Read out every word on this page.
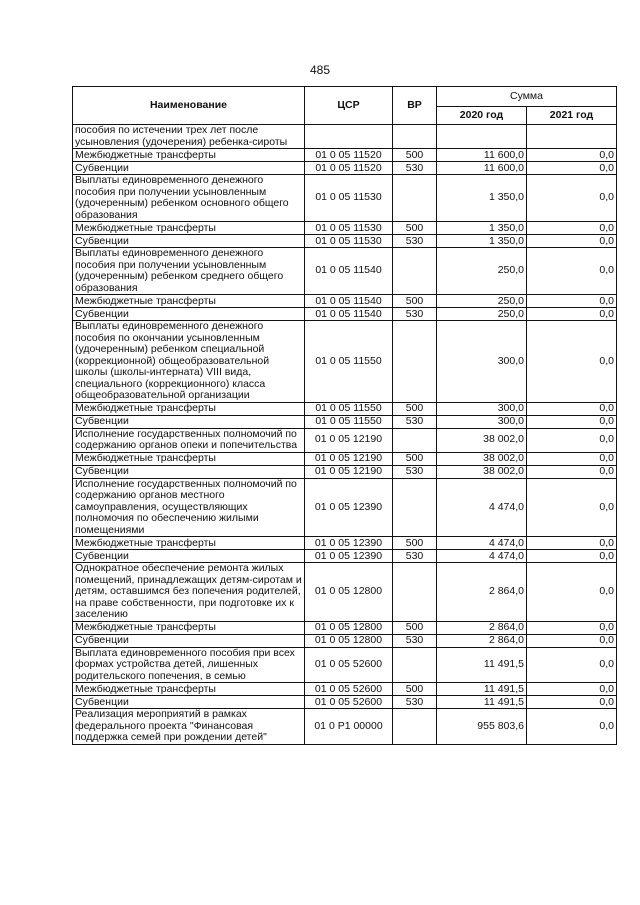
485
Наименование	ЦСР	ВР	Сумма	
			2020 год	2021 год
пособия по истечении трех лет после усыновления (удочерения) ребенка-сироты				
Межбюджетные трансферты	01 0 05 11520	500	11 600,0	0,0
Субвенции	01 0 05 11520	530	11 600,0	0,0
Выплаты единовременного денежного пособия при получении усыновленным (удочеренным) ребенком основного общего образования	01 0 05 11530		1 350,0	0,0
Межбюджетные трансферты	01 0 05 11530	500	1 350,0	0,0
Субвенции	01 0 05 11530	530	1 350,0	0,0
Выплаты единовременного денежного пособия при получении усыновленным (удочеренным) ребенком среднего общего образования	01 0 05 11540		250,0	0,0
Межбюджетные трансферты	01 0 05 11540	500	250,0	0,0
Субвенции	01 0 05 11540	530	250,0	0,0
Выплаты единовременного денежного пособия по окончании усыновленным (удочеренным) ребенком специальной (коррекционной) общеобразовательной школы (школы-интерната) VIII вида, специального (коррекционного) класса общеобразовательной организации	01 0 05 11550		300,0	0,0
Межбюджетные трансферты	01 0 05 11550	500	300,0	0,0
Субвенции	01 0 05 11550	530	300,0	0,0
Исполнение государственных полномочий по содержанию органов опеки и попечительства	01 0 05 12190		38 002,0	0,0
Межбюджетные трансферты	01 0 05 12190	500	38 002,0	0,0
Субвенции	01 0 05 12190	530	38 002,0	0,0
Исполнение государственных полномочий по содержанию органов местного самоуправления, осуществляющих полномочия по обеспечению жилыми помещениями	01 0 05 12390		4 474,0	0,0
Межбюджетные трансферты	01 0 05 12390	500	4 474,0	0,0
Субвенции	01 0 05 12390	530	4 474,0	0,0
Однократное обеспечение ремонта жилых помещений, принадлежащих детям-сиротам и детям, оставшимся без попечения родителей, на праве собственности, при подготовке их к заселению	01 0 05 12800		2 864,0	0,0
Межбюджетные трансферты	01 0 05 12800	500	2 864,0	0,0
Субвенции	01 0 05 12800	530	2 864,0	0,0
Выплата единовременного пособия при всех формах устройства детей, лишенных родительского попечения, в семью	01 0 05 52600		11 491,5	0,0
Межбюджетные трансферты	01 0 05 52600	500	11 491,5	0,0
Субвенции	01 0 05 52600	530	11 491,5	0,0
Реализация мероприятий в рамках федерального проекта "Финансовая поддержка семей при рождении детей"	01 0 P1 00000		955 803,6	0,0
